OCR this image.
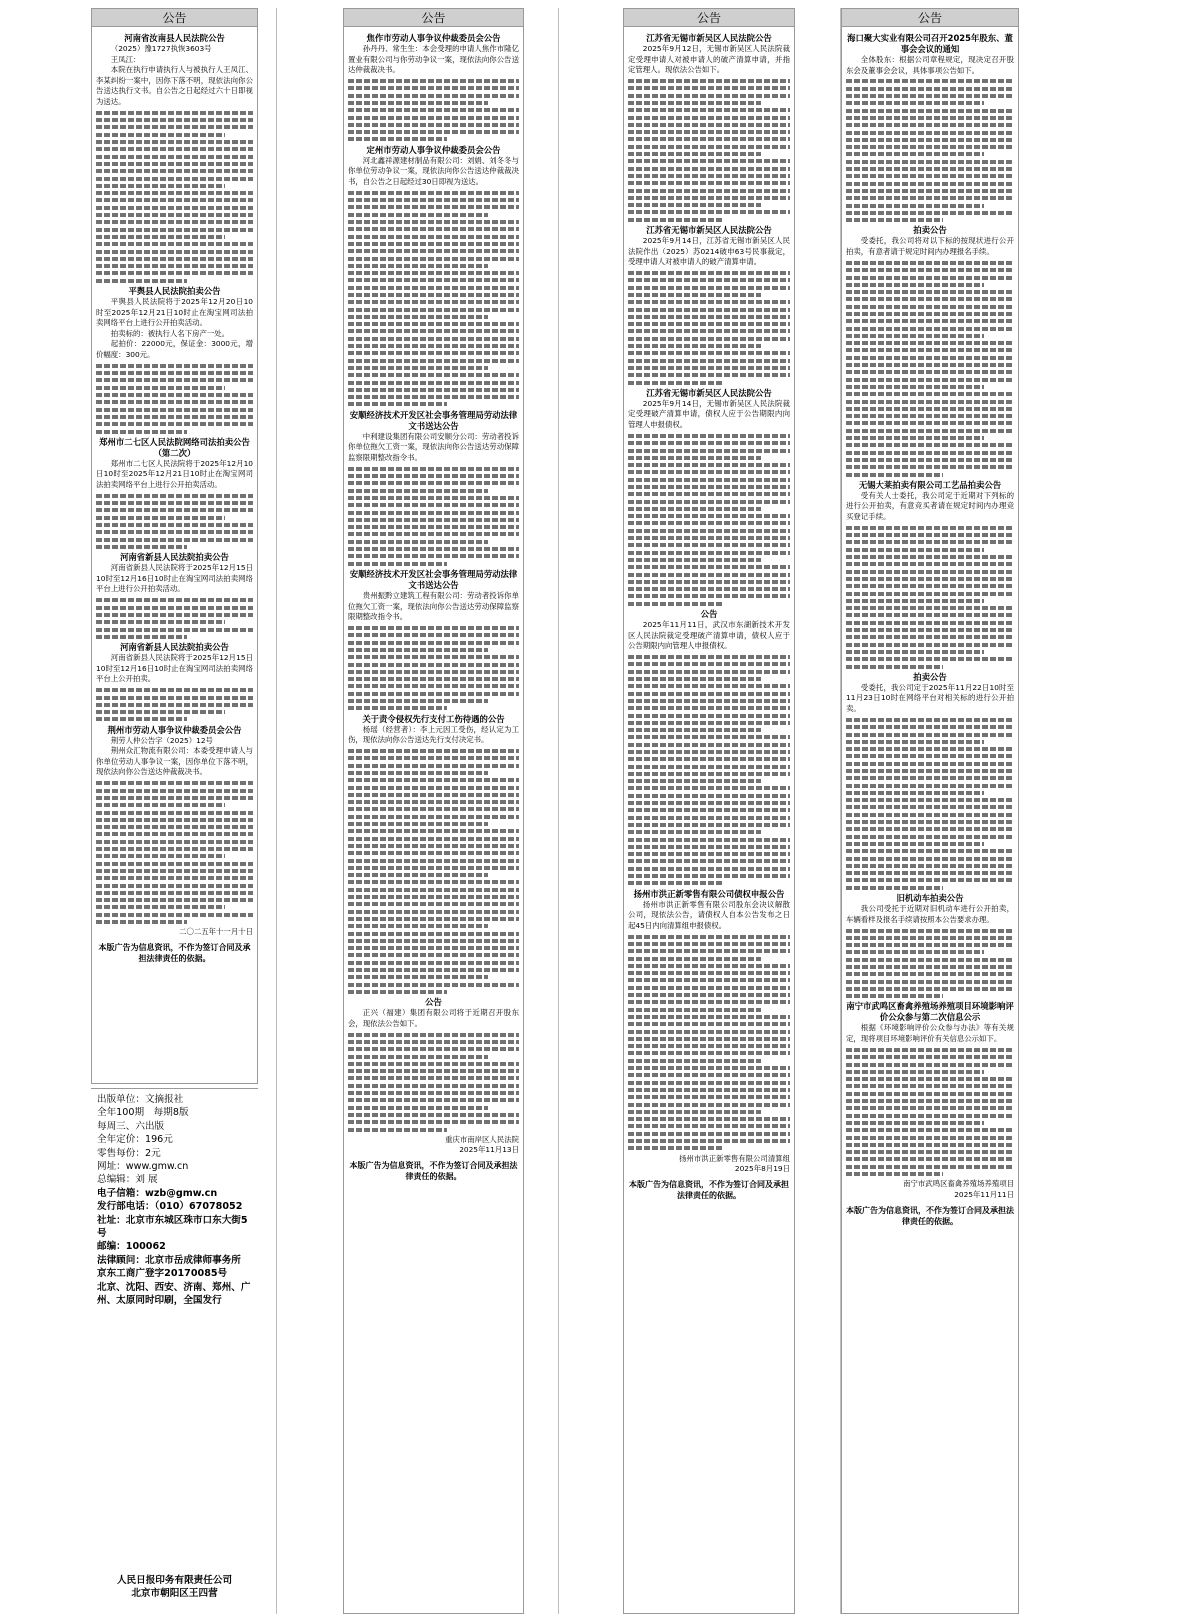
公告
河南省汝南县人民法院公告
（2025）豫1727执恢3603号
王凤江：
本院在执行申请执行人与被执行人王凤江、李某纠纷一案中，因你下落不明，现依法向你公告送达执行文书。自公告之日起经过六十日即视为送达。
平舆县人民法院拍卖公告
平舆县人民法院将于2025年12月20日10时至2025年12月21日10时止在淘宝网司法拍卖网络平台上进行公开拍卖活动。
拍卖标的：被执行人名下房产一处。
起拍价：22000元，保证金：3000元，增价幅度：300元。
郑州市二七区人民法院网络司法拍卖公告（第二次）
郑州市二七区人民法院将于2025年12月10日10时至2025年12月21日10时止在淘宝网司法拍卖网络平台上进行公开拍卖活动。
河南省新县人民法院拍卖公告
河南省新县人民法院将于2025年12月15日10时至12月16日10时止在淘宝网司法拍卖网络平台上进行公开拍卖活动。
河南省新县人民法院拍卖公告
河南省新县人民法院将于2025年12月15日10时至12月16日10时止在淘宝网司法拍卖网络平台上公开拍卖。
荆州市劳动人事争议仲裁委员会公告
荆劳人仲公告字（2025）12号
荆州众汇物流有限公司：本委受理申请人与你单位劳动人事争议一案，因你单位下落不明，现依法向你公告送达仲裁裁决书。
二〇二五年十一月十日
本版广告为信息资讯，不作为签订合同及承担法律责任的依据。
公告
焦作市劳动人事争议仲裁委员会公告
孙丹丹、常生生：本会受理的申请人焦作市隆亿置业有限公司与你劳动争议一案，现依法向你公告送达仲裁裁决书。
定州市劳动人事争议仲裁委员会公告
河北鑫祥源建材制品有限公司：刘娟、刘冬冬与你单位劳动争议一案，现依法向你公告送达仲裁裁决书，自公告之日起经过30日即视为送达。
安顺经济技术开发区社会事务管理局劳动法律文书送达公告
中利建设集团有限公司安顺分公司：劳动者投诉你单位拖欠工资一案，现依法向你公告送达劳动保障监察限期整改指令书。
安顺经济技术开发区社会事务管理局劳动法律文书送达公告
贵州振黔立建筑工程有限公司：劳动者投诉你单位拖欠工资一案，现依法向你公告送达劳动保障监察限期整改指令书。
关于责令侵权先行支付工伤待遇的公告
杨瑶（经营者）：李上元因工受伤，经认定为工伤，现依法向你公告送达先行支付决定书。
公告
正兴（福建）集团有限公司将于近期召开股东会，现依法公告如下。
重庆市南岸区人民法院
2025年11月13日
本版广告为信息资讯，不作为签订合同及承担法律责任的依据。
公告
江苏省无锡市新吴区人民法院公告
2025年9月12日，无锡市新吴区人民法院裁定受理申请人对被申请人的破产清算申请，并指定管理人。现依法公告如下。
江苏省无锡市新吴区人民法院公告
2025年9月14日，江苏省无锡市新吴区人民法院作出（2025）苏0214破申63号民事裁定，受理申请人对被申请人的破产清算申请。
江苏省无锡市新吴区人民法院公告
2025年9月14日，无锡市新吴区人民法院裁定受理破产清算申请，债权人应于公告期限内向管理人申报债权。
公告
2025年11月11日，武汉市东湖新技术开发区人民法院裁定受理破产清算申请，债权人应于公告期限内向管理人申报债权。
扬州市洪正新零售有限公司债权申报公告
扬州市洪正新零售有限公司股东会决议解散公司，现依法公告，请债权人自本公告发布之日起45日内向清算组申报债权。
扬州市洪正新零售有限公司清算组
2025年8月19日
本版广告为信息资讯，不作为签订合同及承担法律责任的依据。
公告
海口聚大实业有限公司召开2025年股东、董事会会议的通知
全体股东：根据公司章程规定，现决定召开股东会及董事会会议，具体事项公告如下。
拍卖公告
受委托，我公司将对以下标的按现状进行公开拍卖，有意者请于规定时间内办理报名手续。
无锡大莱拍卖有限公司工艺品拍卖公告
受有关人士委托，我公司定于近期对下列标的进行公开拍卖，有意竞买者请在规定时间内办理竞买登记手续。
拍卖公告
受委托，我公司定于2025年11月22日10时至11月23日10时在网络平台对相关标的进行公开拍卖。
旧机动车拍卖公告
我公司受托于近期对旧机动车进行公开拍卖，车辆看样及报名手续请按照本公告要求办理。
南宁市武鸣区畜禽养殖场养殖项目环境影响评价公众参与第二次信息公示
根据《环境影响评价公众参与办法》等有关规定，现将项目环境影响评价有关信息公示如下。
南宁市武鸣区畜禽养殖场养殖项目
2025年11月11日
本版广告为信息资讯，不作为签订合同及承担法律责任的依据。
出版单位：文摘报社
全年100期　每期8版
每周三、六出版
全年定价：196元
零售每份：2元
网址：www.gmw.cn
总编辑：刘 展
电子信箱：wzb@gmw.cn
发行部电话：（010）67078052
社址：北京市东城区珠市口东大街5号
邮编：100062
法律顾问：北京市岳成律师事务所
京东工商广登字20170085号
北京、沈阳、西安、济南、郑州、广州、太原同时印刷，全国发行
人民日报印务有限责任公司
北京市朝阳区王四营
